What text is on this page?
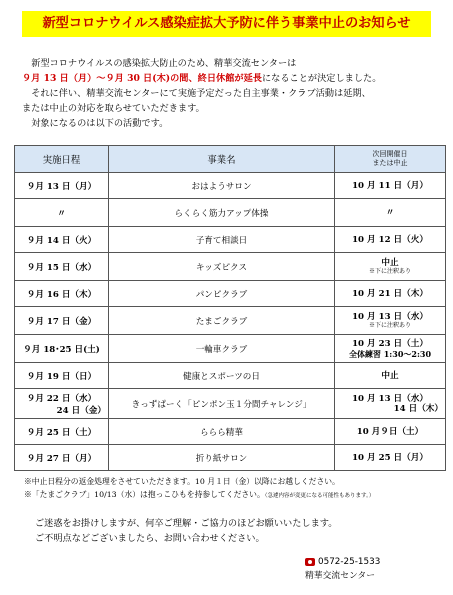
新型コロナウイルス感染症拡大予防に伴う事業中止のお知らせ

　新型コロナウイルスの感染拡大防止のため、精華交流センターは

９月 13 日（月）～９月 30 日(木)の間、終日休館が延長になることが決定しました。

　それに伴い、精華交流センターにて実施予定だった自主事業・クラブ活動は延期、

または中止の対応を取らせていただきます。

　対象になるのは以下の活動です。

実施日程	事業名	次回開催日
または中止
９月 13 日（月）	おはようサロン	10 月 11 日（月）

〃	らくらく筋力アップ体操	〃

９月 14 日（火）	子育て相談日	10 月 12 日（火）

９月 15 日（水）	キッズピクス	中止
※下に注釈あり

９月 16 日（木）	パンピクラブ	10 月 21 日（木）

９月 17 日（金）	たまごクラブ	10 月 13 日（水）
※下に注釈あり

９月 18･25 日(土)	一輪車クラブ	10 月 23 日（土）
全体練習 1:30～2:30

９月 19 日（日）	健康とスポーツの日	中止

９月 22 日（水）
24 日（金）	きっずぱーく「ピンポン玉１分間チャレンジ」	10 月 13 日（水）
14 日（木）

９月 25 日（土）	ららら精華	10 月９日（土）

９月 27 日（月）	折り紙サロン	10 月 25 日（月）

※中止日程分の返金処理をさせていただきます。10 月１日（金）以降にお越しください。

※「たまごクラブ」10/13（水）は抱っこひもを持参してください。（急遽内容が変更になる可能性もあります。）

ご迷惑をお掛けしますが、何卒ご理解・ご協力のほどお願いいたします。

ご不明点などございましたら、お問い合わせください。

0572-25-1533
精華交流センター
